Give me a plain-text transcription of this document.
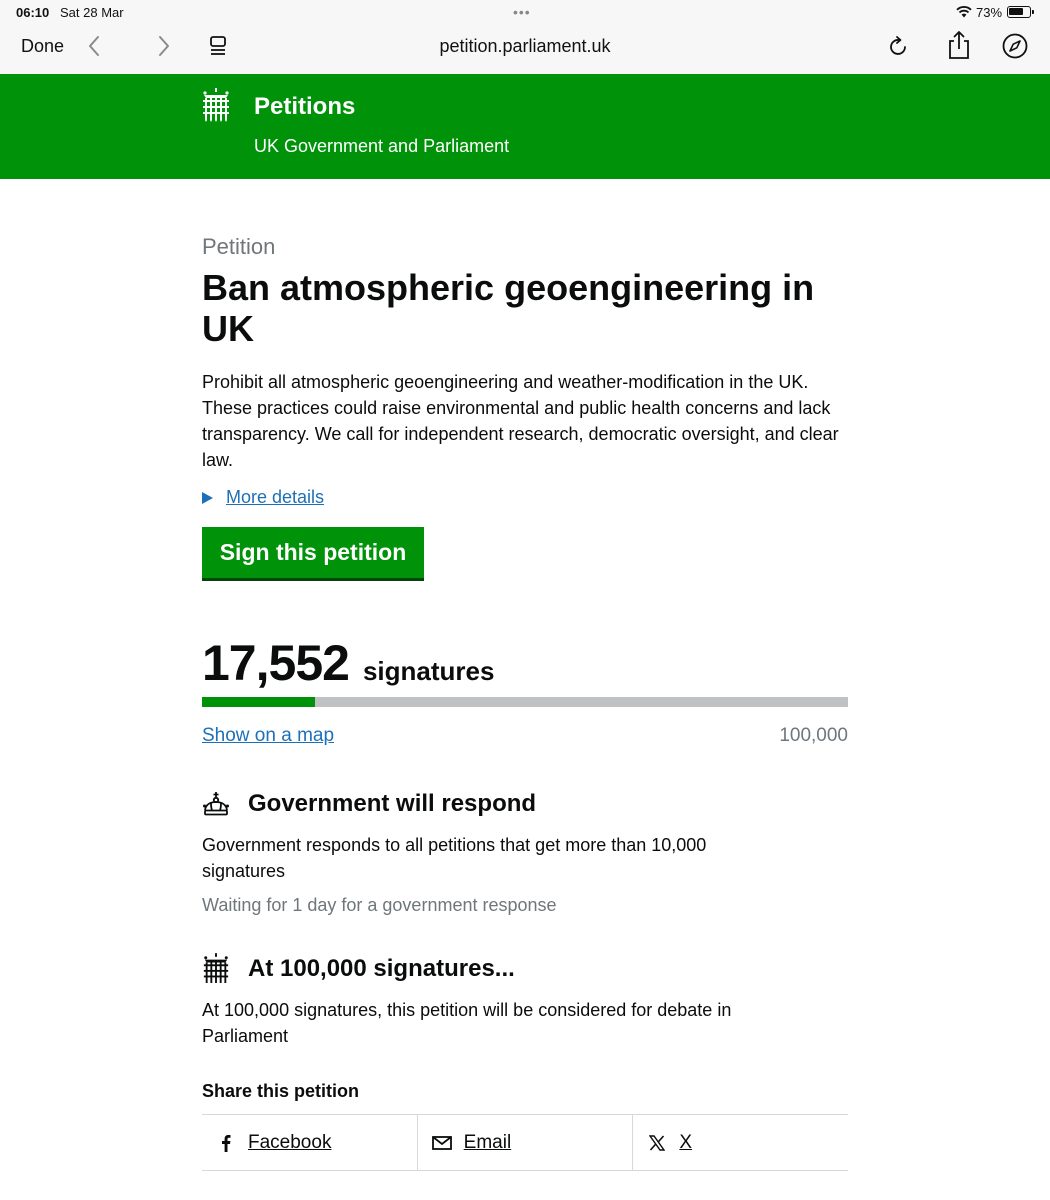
06:10 Sat 28 Mar	•••	73%
Done	petition.parliament.uk
Petitions
UK Government and Parliament
Petition
Ban atmospheric geoengineering in UK

Prohibit all atmospheric geoengineering and weather-modification in the UK. These practices could raise environmental and public health concerns and lack transparency. We call for independent research, democratic oversight, and clear law.

More details
Sign this petition
17,552 signatures
Show on a map	100,000
Government will respond

Government responds to all petitions that get more than 10,000 signatures

Waiting for 1 day for a government response
At 100,000 signatures...

At 100,000 signatures, this petition will be considered for debate in Parliament

Share this petition
Facebook	Email	X
